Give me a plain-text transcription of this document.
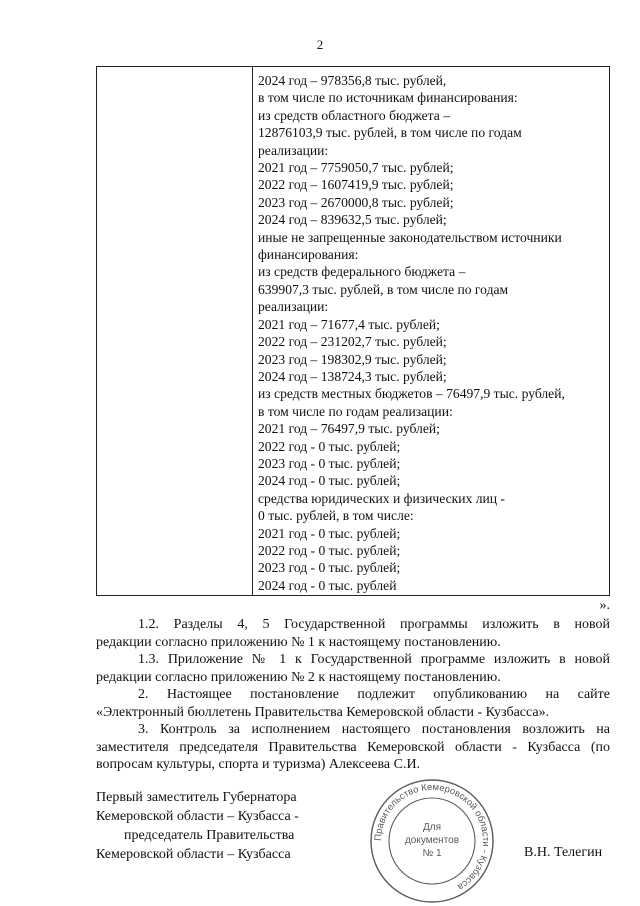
2
2024 год – 978356,8 тыс. рублей,
в том числе по источникам финансирования:
из средств областного бюджета –
12876103,9 тыс. рублей, в том числе по годам
реализации:
2021 год – 7759050,7 тыс. рублей;
2022 год – 1607419,9 тыс. рублей;
2023 год – 2670000,8 тыс. рублей;
2024 год – 839632,5 тыс. рублей;
иные не запрещенные законодательством источники
финансирования:
из средств федерального бюджета –
639907,3 тыс. рублей, в том числе по годам
реализации:
2021 год – 71677,4 тыс. рублей;
2022 год – 231202,7 тыс. рублей;
2023 год – 198302,9 тыс. рублей;
2024 год – 138724,3 тыс. рублей;
из средств местных бюджетов – 76497,9 тыс. рублей,
в том числе по годам реализации:
2021 год – 76497,9 тыс. рублей;
2022 год - 0 тыс. рублей;
2023 год - 0 тыс. рублей;
2024 год - 0 тыс. рублей;
средства юридических и физических лиц -
0 тыс. рублей, в том числе:
2021 год - 0 тыс. рублей;
2022 год - 0 тыс. рублей;
2023 год - 0 тыс. рублей;
2024 год - 0 тыс. рублей
».
1.2. Разделы 4, 5 Государственной программы изложить в новой
редакции согласно приложению № 1 к настоящему постановлению.
1.3. Приложение № 1 к Государственной программе изложить в новой
редакции согласно приложению № 2 к настоящему постановлению.
2. Настоящее постановление подлежит опубликованию на сайте
«Электронный бюллетень Правительства Кемеровской области - Кузбасса».
3. Контроль за исполнением настоящего постановления возложить на
заместителя председателя Правительства Кемеровской области - Кузбасса (по
вопросам культуры, спорта и туризма) Алексеева С.И.
Первый заместитель Губернатора
Кемеровской области – Кузбасса -
председатель Правительства
Кемеровской области – Кузбасса	В.Н. Телегин
Правительство Кемеровской области - Кузбасса
Для
документов
№ 1
